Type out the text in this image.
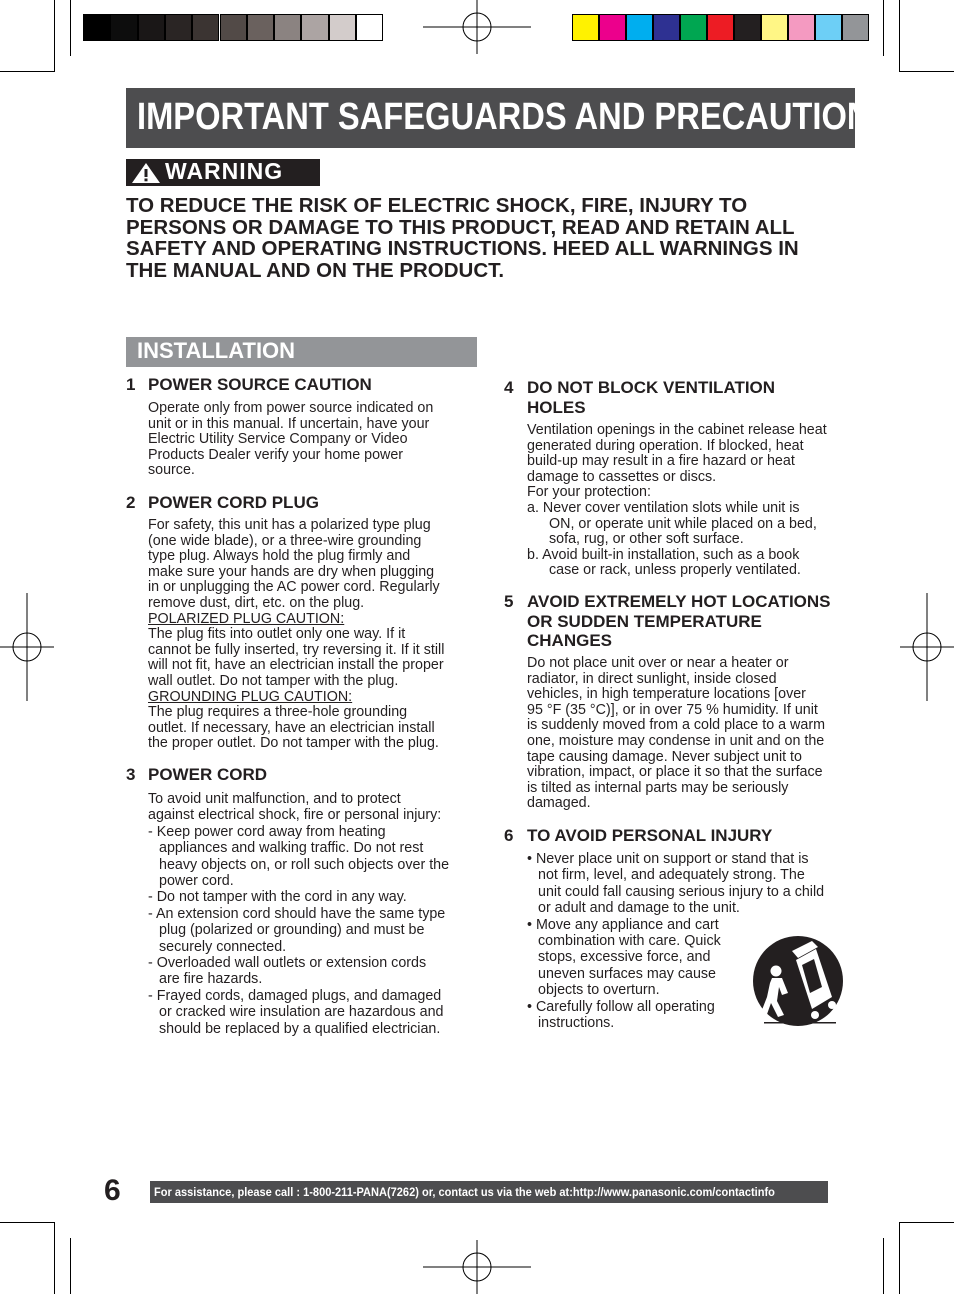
IMPORTANT SAFEGUARDS AND PRECAUTIONS
WARNING
TO REDUCE THE RISK OF ELECTRIC SHOCK, FIRE, INJURY TO
PERSONS OR DAMAGE TO THIS PRODUCT, READ AND RETAIN ALL
SAFETY AND OPERATING INSTRUCTIONS. HEED ALL WARNINGS IN
THE MANUAL AND ON THE PRODUCT.
INSTALLATION
1 POWER SOURCE CAUTION
Operate only from power source indicated on
unit or in this manual. If uncertain, have your
Electric Utility Service Company or Video
Products Dealer verify your home power
source.
2 POWER CORD PLUG
For safety, this unit has a polarized type plug
(one wide blade), or a three-wire grounding
type plug. Always hold the plug firmly and
make sure your hands are dry when plugging
in or unplugging the AC power cord. Regularly
remove dust, dirt, etc. on the plug.
POLARIZED PLUG CAUTION:
The plug fits into outlet only one way. If it
cannot be fully inserted, try reversing it. If it still
will not fit, have an electrician install the proper
wall outlet. Do not tamper with the plug.
GROUNDING PLUG CAUTION:
The plug requires a three-hole grounding
outlet. If necessary, have an electrician install
the proper outlet. Do not tamper with the plug.
3 POWER CORD
To avoid unit malfunction, and to protect
against electrical shock, fire or personal injury:
- Keep power cord away from heating
appliances and walking traffic. Do not rest
heavy objects on, or roll such objects over the
power cord.
- Do not tamper with the cord in any way.
- An extension cord should have the same type
plug (polarized or grounding) and must be
securely connected.
- Overloaded wall outlets or extension cords
are fire hazards.
- Frayed cords, damaged plugs, and damaged
or cracked wire insulation are hazardous and
should be replaced by a qualified electrician.
4 DO NOT BLOCK VENTILATION
HOLES
Ventilation openings in the cabinet release heat
generated during operation. If blocked, heat
build-up may result in a fire hazard or heat
damage to cassettes or discs.
For your protection:
a. Never cover ventilation slots while unit is
ON, or operate unit while placed on a bed,
sofa, rug, or other soft surface.
b. Avoid built-in installation, such as a book
case or rack, unless properly ventilated.
5 AVOID EXTREMELY HOT LOCATIONS
OR SUDDEN TEMPERATURE
CHANGES
Do not place unit over or near a heater or
radiator, in direct sunlight, inside closed
vehicles, in high temperature locations [over
95 °F (35 °C)], or in over 75 % humidity. If unit
is suddenly moved from a cold place to a warm
one, moisture may condense in unit and on the
tape causing damage. Never subject unit to
vibration, impact, or place it so that the surface
is tilted as internal parts may be seriously
damaged.
6 TO AVOID PERSONAL INJURY
• Never place unit on support or stand that is
not firm, level, and adequately strong. The
unit could fall causing serious injury to a child
or adult and damage to the unit.
• Move any appliance and cart
combination with care. Quick
stops, excessive force, and
uneven surfaces may cause
objects to overturn.
• Carefully follow all operating
instructions.
6	For assistance, please call : 1-800-211-PANA(7262) or, contact us via the web at:http://www.panasonic.com/contactinfo
